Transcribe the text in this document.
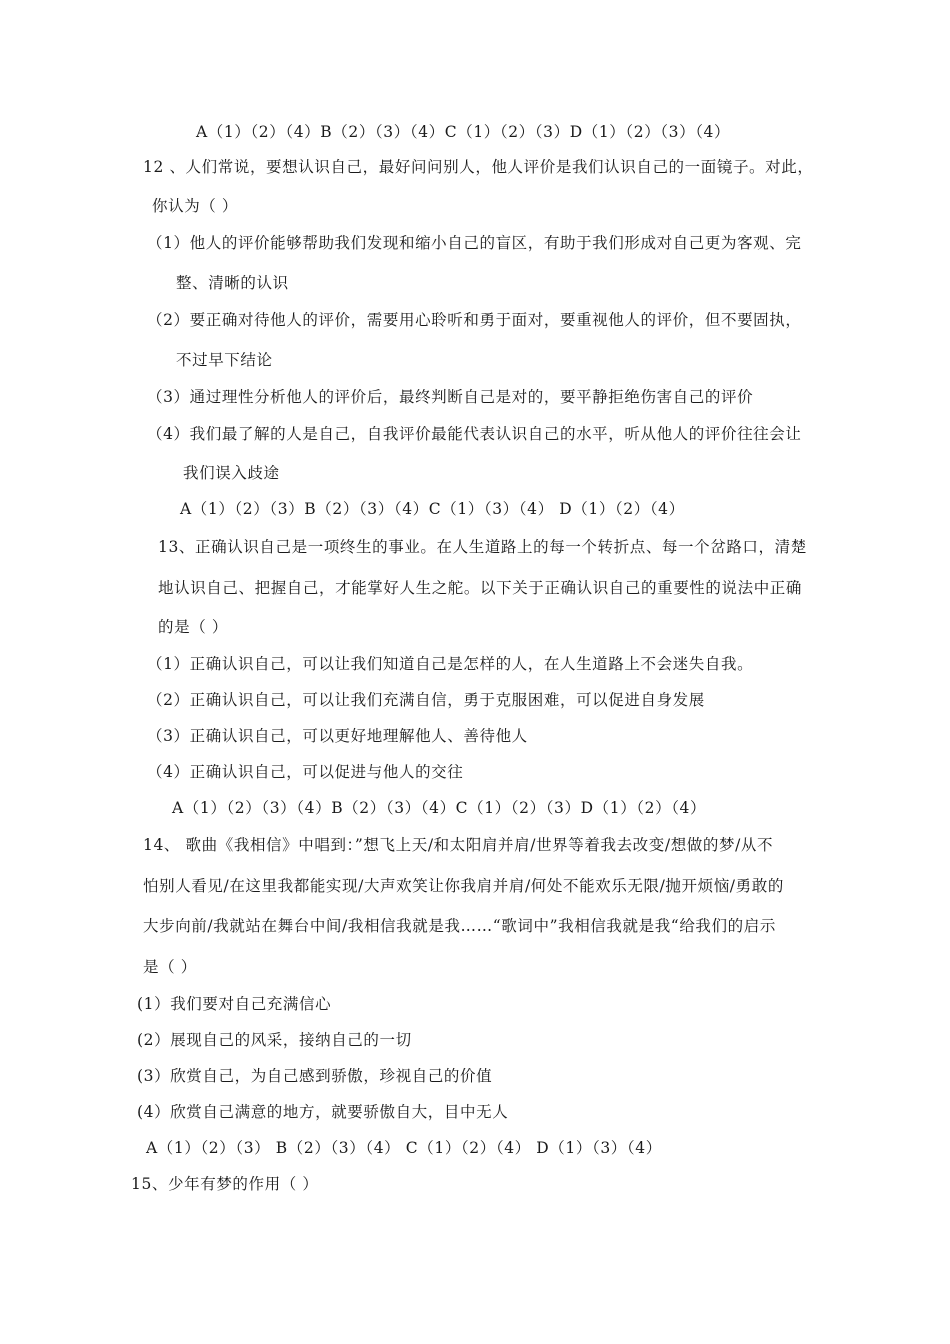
A（1）（2）（4）B（2）（3）（4）C（1）（2）（3）D（1）（2）（3）（4）
12 、人们常说，要想认识自己，最好问问别人，他人评价是我们认识自己的一面镜子。对此，
你认为（ ）
（1）他人的评价能够帮助我们发现和缩小自己的盲区，有助于我们形成对自己更为客观、完
整、清晰的认识
（2）要正确对待他人的评价，需要用心聆听和勇于面对，要重视他人的评价，但不要固执，
不过早下结论
（3）通过理性分析他人的评价后，最终判断自己是对的，要平静拒绝伤害自己的评价
（4）我们最了解的人是自己，自我评价最能代表认识自己的水平，听从他人的评价往往会让
我们误入歧途
A（1）（2）（3）B（2）（3）（4）C（1）（3）（4） D（1）（2）（4）
13、正确认识自己是一项终生的事业。在人生道路上的每一个转折点、每一个岔路口，清楚
地认识自己、把握自己，才能掌好人生之舵。以下关于正确认识自己的重要性的说法中正确
的是（ ）
（1）正确认识自己，可以让我们知道自己是怎样的人，在人生道路上不会迷失自我。
（2）正确认识自己，可以让我们充满自信，勇于克服困难，可以促进自身发展
（3）正确认识自己，可以更好地理解他人、善待他人
（4）正确认识自己，可以促进与他人的交往
A（1）（2）（3）（4）B（2）（3）（4）C（1）（2）（3）D（1）（2）（4）
14、 歌曲《我相信》中唱到：”想飞上天/和太阳肩并肩/世界等着我去改变/想做的梦/从不
怕别人看见/在这里我都能实现/大声欢笑让你我肩并肩/何处不能欢乐无限/抛开烦恼/勇敢的
大步向前/我就站在舞台中间/我相信我就是我……“歌词中”我相信我就是我“给我们的启示
是（ ）
(1）我们要对自己充满信心
(2）展现自己的风采，接纳自己的一切
(3）欣赏自己，为自己感到骄傲，珍视自己的价值
(4）欣赏自己满意的地方，就要骄傲自大，目中无人
A（1）（2）（3） B（2）（3）（4） C（1）（2）（4） D（1）（3）（4）
15、少年有梦的作用（ ）
